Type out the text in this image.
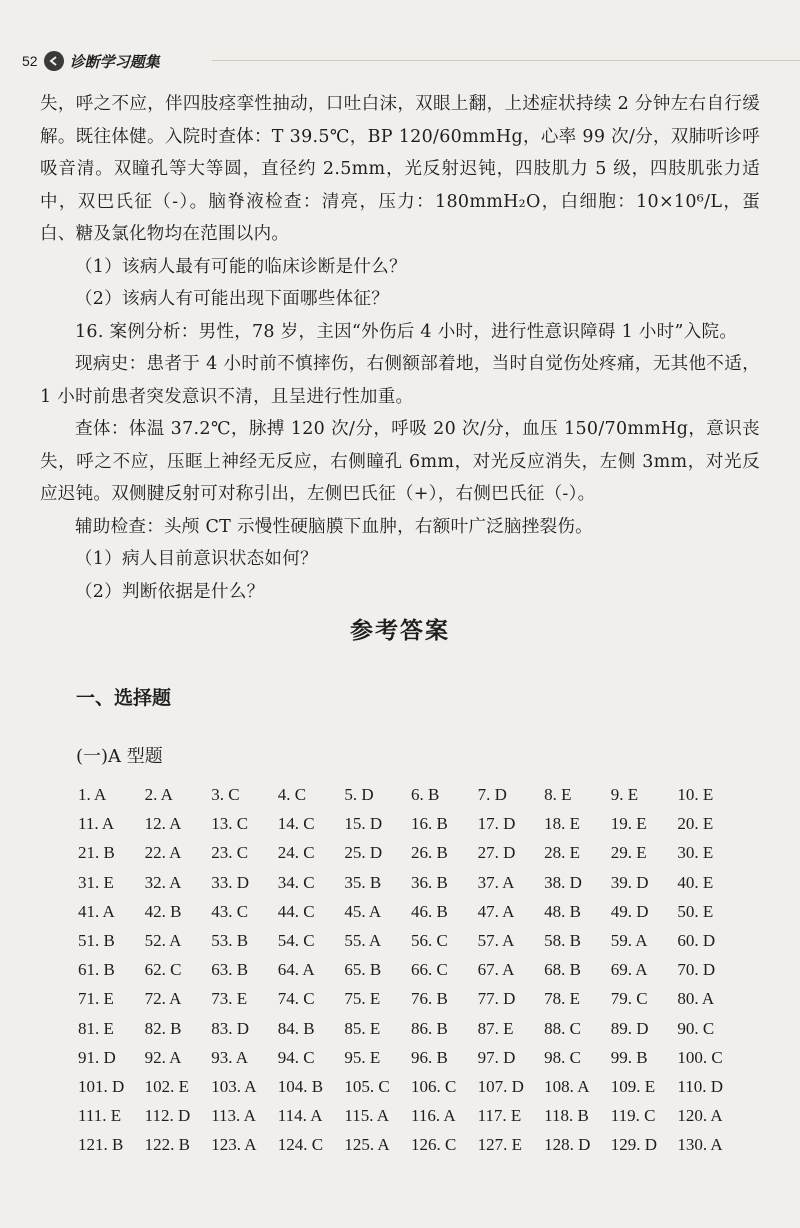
52 诊断学习题集

失，呼之不应，伴四肢痉挛性抽动，口吐白沫，双眼上翻，上述症状持续 2 分钟左右自行缓解。既往体健。入院时查体：T 39.5℃，BP 120/60mmHg，心率 99 次/分，双肺听诊呼吸音清。双瞳孔等大等圆，直径约 2.5mm，光反射迟钝，四肢肌力 5 级，四肢肌张力适中，双巴氏征（-）。脑脊液检查：清亮，压力：180mmH₂O，白细胞：10×10⁶/L，蛋白、糖及氯化物均在范围以内。

（1）该病人最有可能的临床诊断是什么？

（2）该病人有可能出现下面哪些体征？

16. 案例分析：男性，78 岁，主因“外伤后 4 小时，进行性意识障碍 1 小时”入院。

现病史：患者于 4 小时前不慎摔伤，右侧额部着地，当时自觉伤处疼痛，无其他不适，1 小时前患者突发意识不清，且呈进行性加重。

查体：体温 37.2℃，脉搏 120 次/分，呼吸 20 次/分，血压 150/70mmHg，意识丧失，呼之不应，压眶上神经无反应，右侧瞳孔 6mm，对光反应消失，左侧 3mm，对光反应迟钝。双侧腱反射可对称引出，左侧巴氏征（+），右侧巴氏征（-）。

辅助检查：头颅 CT 示慢性硬脑膜下血肿，右额叶广泛脑挫裂伤。

（1）病人目前意识状态如何？

（2）判断依据是什么？

参考答案
一、选择题
(一)A 型题
1. A	2. A	3. C	4. C	5. D	6. B	7. D	8. E	9. E	10. E
11. A	12. A	13. C	14. C	15. D	16. B	17. D	18. E	19. E	20. E
21. B	22. A	23. C	24. C	25. D	26. B	27. D	28. E	29. E	30. E
31. E	32. A	33. D	34. C	35. B	36. B	37. A	38. D	39. D	40. E
41. A	42. B	43. C	44. C	45. A	46. B	47. A	48. B	49. D	50. E
51. B	52. A	53. B	54. C	55. A	56. C	57. A	58. B	59. A	60. D
61. B	62. C	63. B	64. A	65. B	66. C	67. A	68. B	69. A	70. D
71. E	72. A	73. E	74. C	75. E	76. B	77. D	78. E	79. C	80. A
81. E	82. B	83. D	84. B	85. E	86. B	87. E	88. C	89. D	90. C
91. D	92. A	93. A	94. C	95. E	96. B	97. D	98. C	99. B	100. C
101. D	102. E	103. A	104. B	105. C	106. C	107. D	108. A	109. E	110. D
111. E	112. D	113. A	114. A	115. A	116. A	117. E	118. B	119. C	120. A
121. B	122. B	123. A	124. C	125. A	126. C	127. E	128. D	129. D	130. A
